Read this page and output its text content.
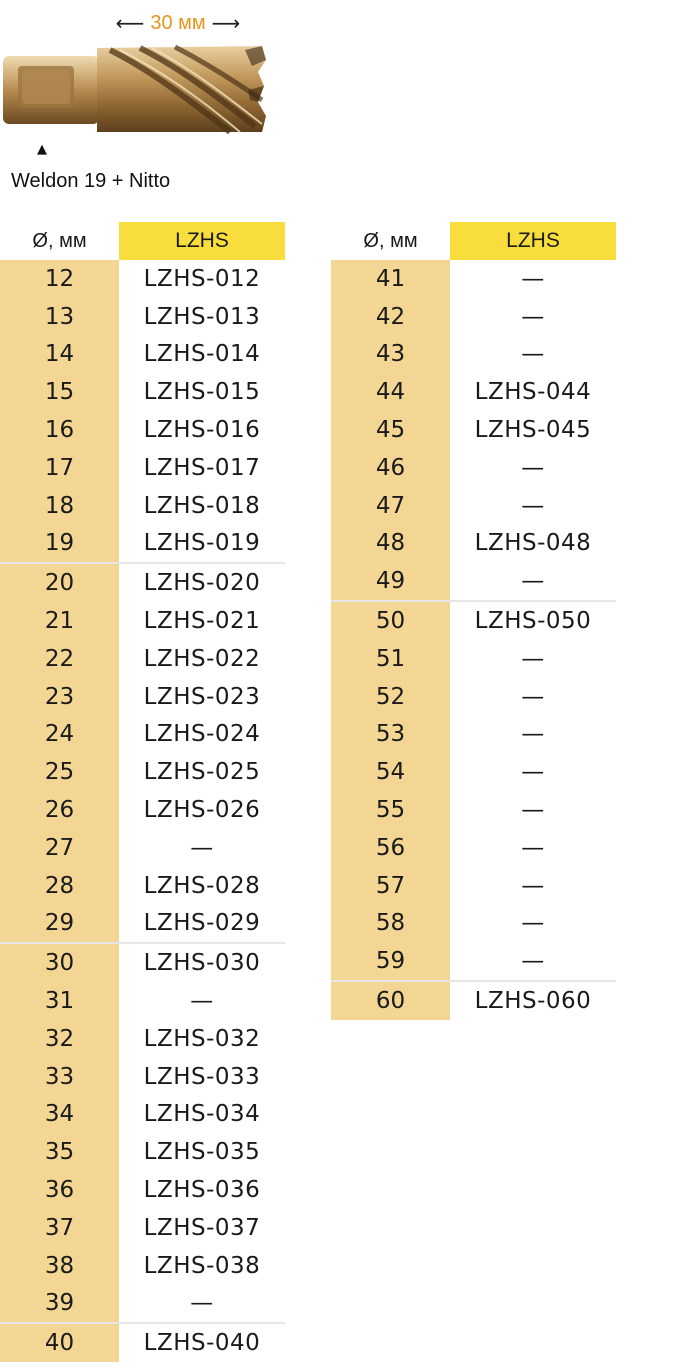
⟵ 30 мм ⟶
▲
Weldon 19 + Nitto
Ø, мм	LZHS
12	LZHS-012
13	LZHS-013
14	LZHS-014
15	LZHS-015
16	LZHS-016
17	LZHS-017
18	LZHS-018
19	LZHS-019
20	LZHS-020
21	LZHS-021
22	LZHS-022
23	LZHS-023
24	LZHS-024
25	LZHS-025
26	LZHS-026
27	—
28	LZHS-028
29	LZHS-029
30	LZHS-030
31	—
32	LZHS-032
33	LZHS-033
34	LZHS-034
35	LZHS-035
36	LZHS-036
37	LZHS-037
38	LZHS-038
39	—
40	LZHS-040
Ø, мм	LZHS
41	—
42	—
43	—
44	LZHS-044
45	LZHS-045
46	—
47	—
48	LZHS-048
49	—
50	LZHS-050
51	—
52	—
53	—
54	—
55	—
56	—
57	—
58	—
59	—
60	LZHS-060
